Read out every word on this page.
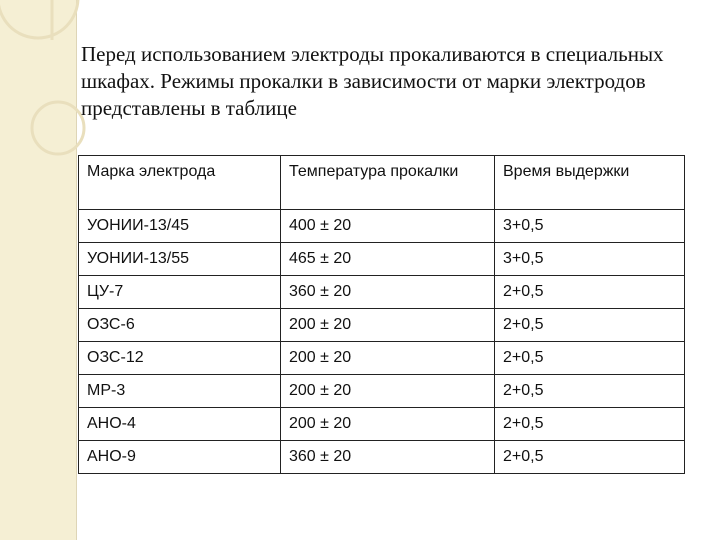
Перед использованием электроды прокаливаются в специальных шкафах. Режимы прокалки в зависимости от марки электродов представлены в таблице

Марка электрода	Температура прокалки	Время выдержки
УОНИИ-13/45	400 ± 20	3+0,5
УОНИИ-13/55	465 ± 20	3+0,5
ЦУ-7	360 ± 20	2+0,5
ОЗС-6	200 ± 20	2+0,5
ОЗС-12	200 ± 20	2+0,5
МР-3	200 ± 20	2+0,5
АНО-4	200 ± 20	2+0,5
АНО-9	360 ± 20	2+0,5
